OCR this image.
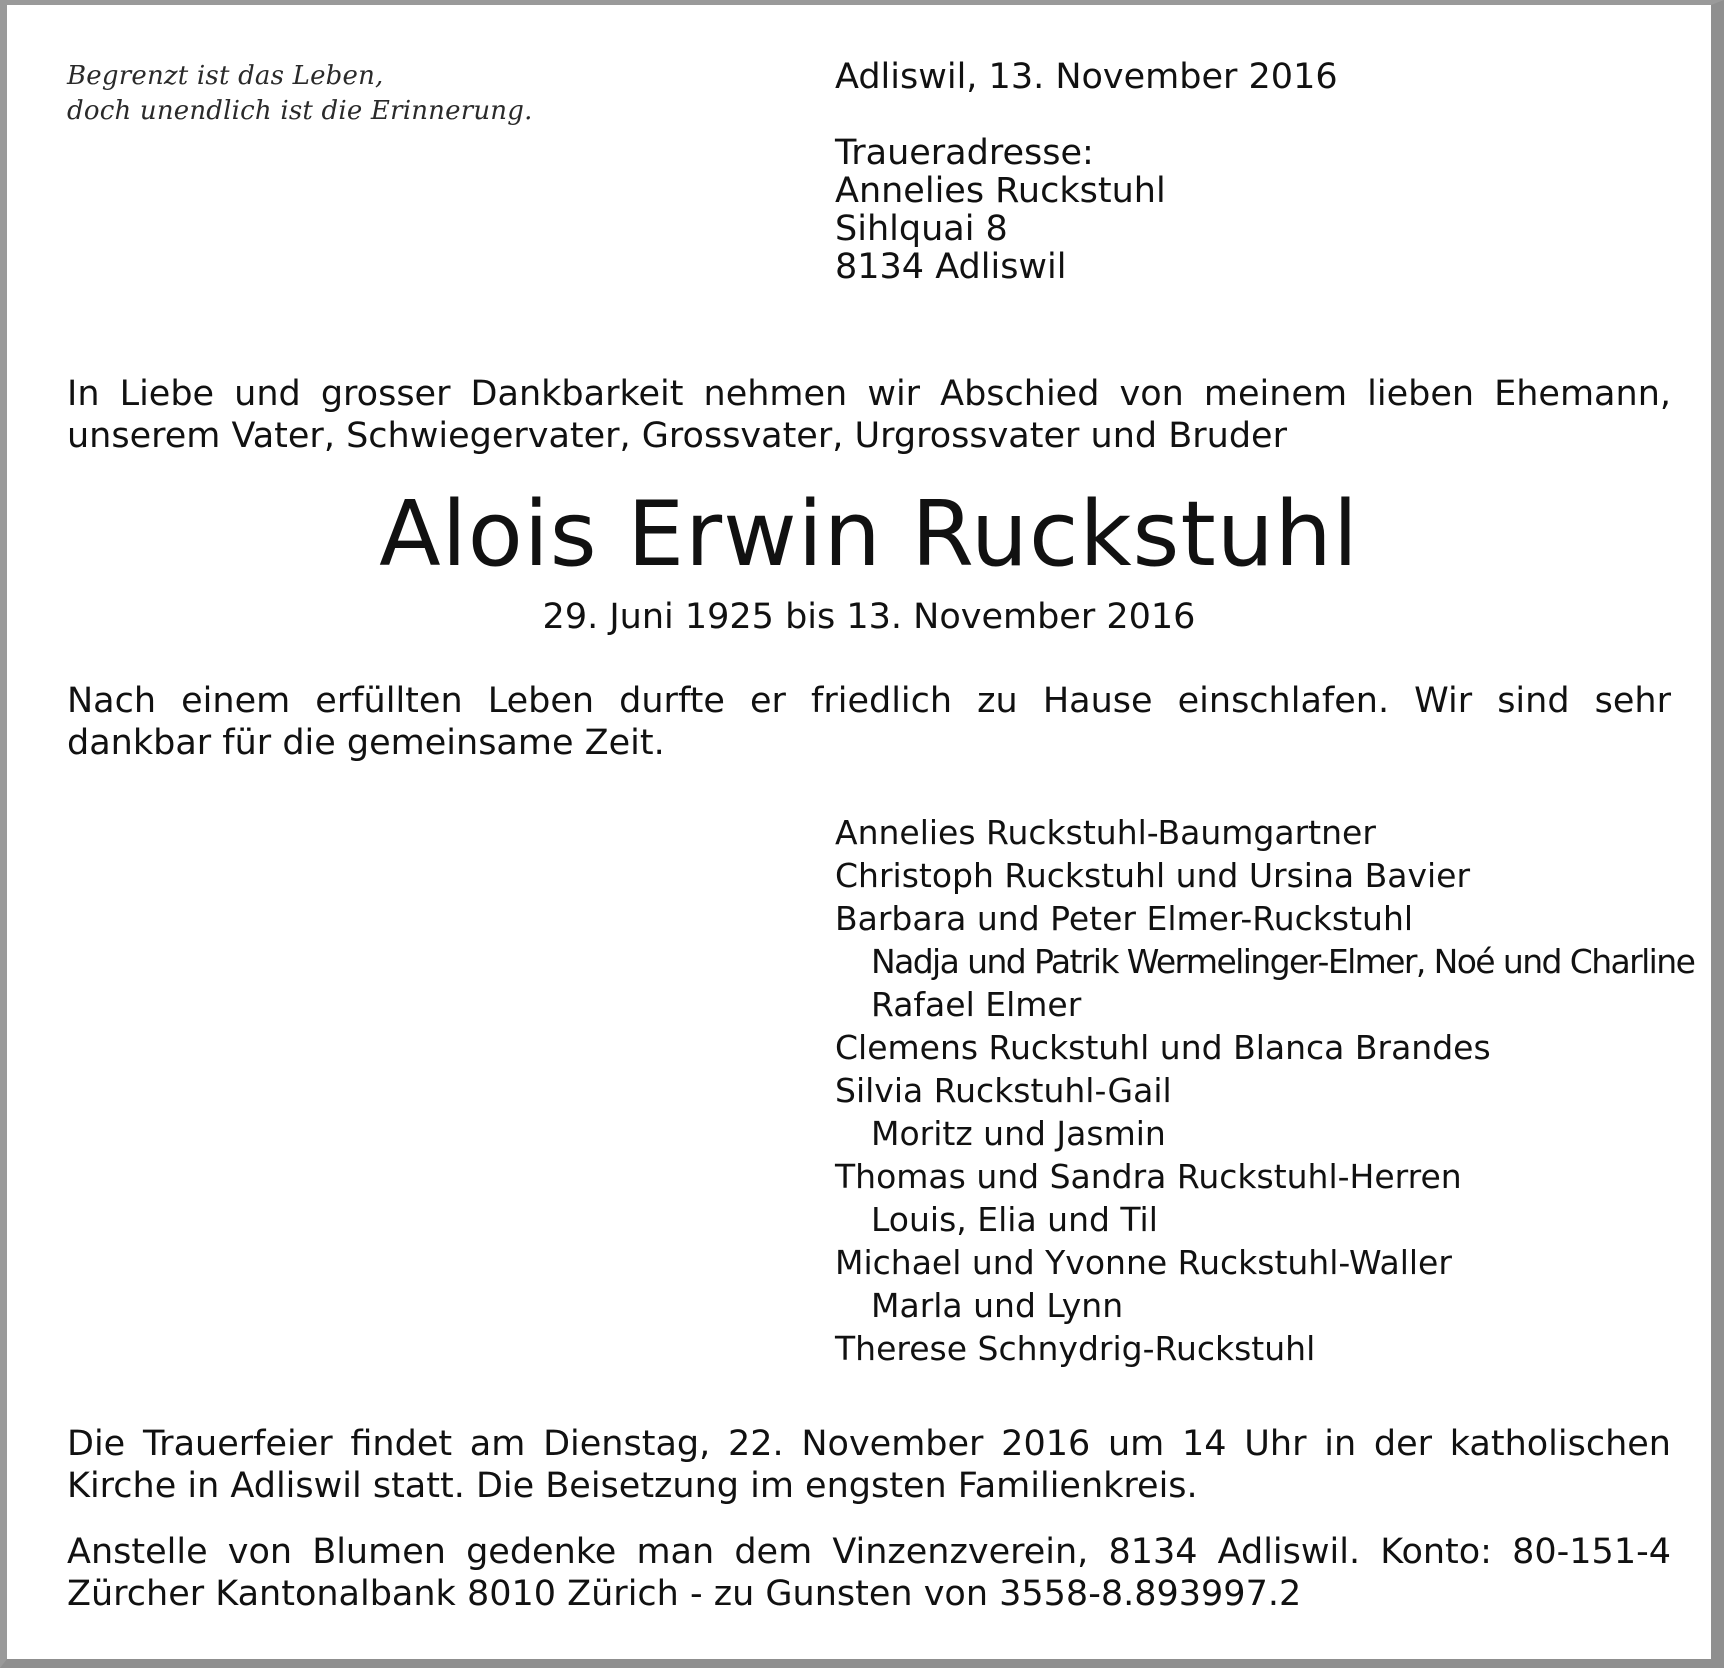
Begrenzt ist das Leben,
doch unendlich ist die Erinnerung.
Adliswil, 13. November 2016
Traueradresse:
Annelies Ruckstuhl
Sihlquai 8
8134 Adliswil
In Liebe und grosser Dankbarkeit nehmen wir Abschied von meinem lieben Ehemann,
unserem Vater, Schwiegervater, Grossvater, Urgrossvater und Bruder
Alois Erwin Ruckstuhl
29. Juni 1925 bis 13. November 2016
Nach einem erfüllten Leben durfte er friedlich zu Hause einschlafen. Wir sind sehr
dankbar für die gemeinsame Zeit.
Annelies Ruckstuhl-Baumgartner
Christoph Ruckstuhl und Ursina Bavier
Barbara und Peter Elmer-Ruckstuhl
Nadja und Patrik Wermelinger-Elmer, Noé und Charline
Rafael Elmer
Clemens Ruckstuhl und Blanca Brandes
Silvia Ruckstuhl-Gail
Moritz und Jasmin
Thomas und Sandra Ruckstuhl-Herren
Louis, Elia und Til
Michael und Yvonne Ruckstuhl-Waller
Marla und Lynn
Therese Schnydrig-Ruckstuhl
Die Trauerfeier findet am Dienstag, 22. November 2016 um 14 Uhr in der katholischen
Kirche in Adliswil statt. Die Beisetzung im engsten Familienkreis.
Anstelle von Blumen gedenke man dem Vinzenzverein, 8134 Adliswil. Konto: 80-151-4
Zürcher Kantonalbank 8010 Zürich - zu Gunsten von 3558-8.893997.2
